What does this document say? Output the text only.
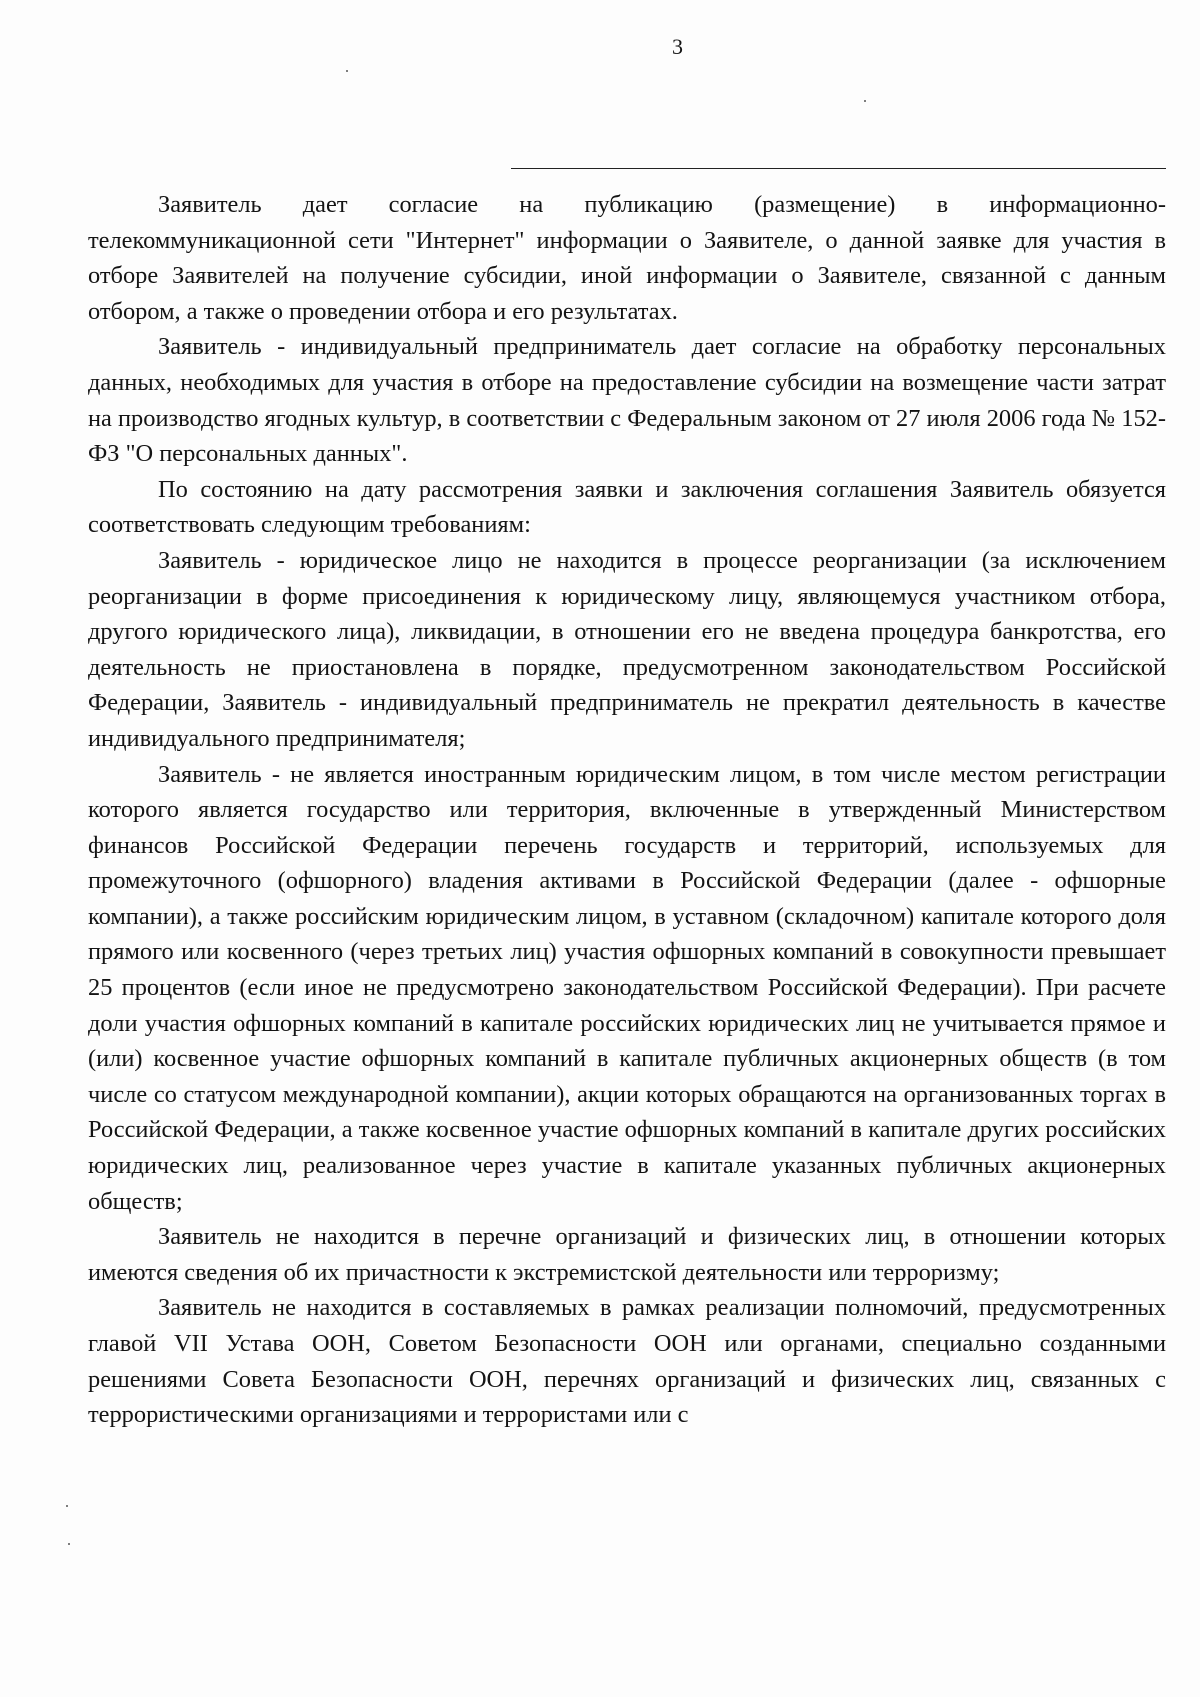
3

Заявитель дает согласие на публикацию (размещение) в информационно-телекоммуникационной сети "Интернет" информации о Заявителе, о данной заявке для участия в отборе Заявителей на получение субсидии, иной информации о Заявителе, связанной с данным отбором, а также о проведении отбора и его результатах.

Заявитель - индивидуальный предприниматель дает согласие на обработку персональных данных, необходимых для участия в отборе на предоставление субсидии на возмещение части затрат на производство ягодных культур, в соответствии с Федеральным законом от 27 июля 2006 года № 152-ФЗ "О персональных данных".

По состоянию на дату рассмотрения заявки и заключения соглашения Заявитель обязуется соответствовать следующим требованиям:

Заявитель - юридическое лицо не находится в процессе реорганизации (за исключением реорганизации в форме присоединения к юридическому лицу, являющемуся участником отбора, другого юридического лица), ликвидации, в отношении его не введена процедура банкротства, его деятельность не приостановлена в порядке, предусмотренном законодательством Российской Федерации, Заявитель - индивидуальный предприниматель не прекратил деятельность в качестве индивидуального предпринимателя;

Заявитель - не является иностранным юридическим лицом, в том числе местом регистрации которого является государство или территория, включенные в утвержденный Министерством финансов Российской Федерации перечень государств и территорий, используемых для промежуточного (офшорного) владения активами в Российской Федерации (далее - офшорные компании), а также российским юридическим лицом, в уставном (складочном) капитале которого доля прямого или косвенного (через третьих лиц) участия офшорных компаний в совокупности превышает 25 процентов (если иное не предусмотрено законодательством Российской Федерации). При расчете доли участия офшорных компаний в капитале российских юридических лиц не учитывается прямое и (или) косвенное участие офшорных компаний в капитале публичных акционерных обществ (в том числе со статусом международной компании), акции которых обращаются на организованных торгах в Российской Федерации, а также косвенное участие офшорных компаний в капитале других российских юридических лиц, реализованное через участие в капитале указанных публичных акционерных обществ;

Заявитель не находится в перечне организаций и физических лиц, в отношении которых имеются сведения об их причастности к экстремистской деятельности или терроризму;

Заявитель не находится в составляемых в рамках реализации полномочий, предусмотренных главой VII Устава ООН, Советом Безопасности ООН или органами, специально созданными решениями Совета Безопасности ООН, перечнях организаций и физических лиц, связанных с террористическими организациями и террористами или с
